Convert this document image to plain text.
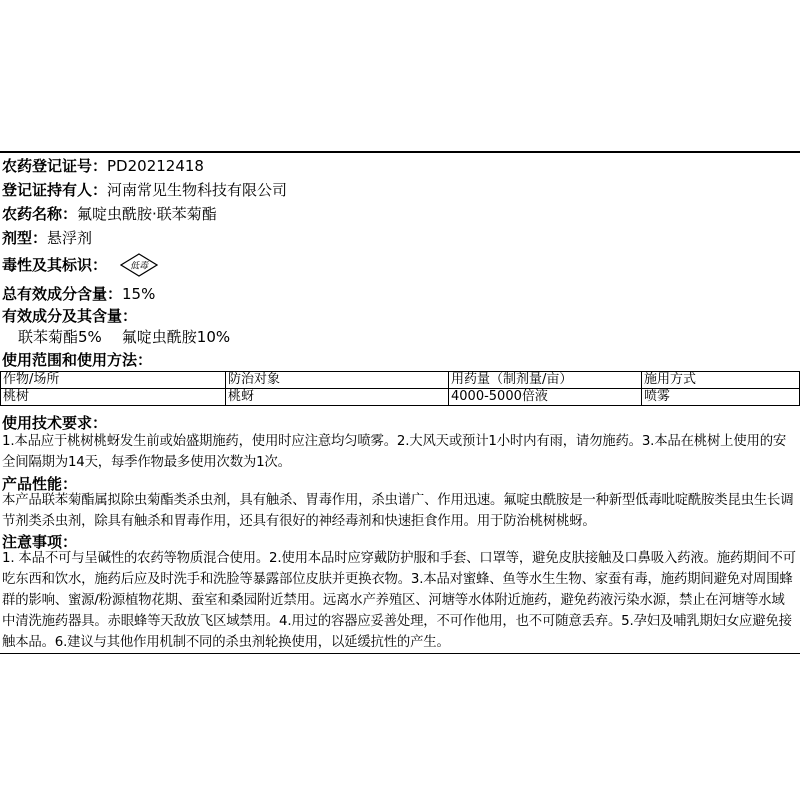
农药登记证号：PD20212418
登记证持有人：河南常见生物科技有限公司
农药名称：氟啶虫酰胺·联苯菊酯
剂型：悬浮剂
毒性及其标识：	低毒
总有效成分含量：15%
有效成分及其含量：
联苯菊酯5% 氟啶虫酰胺10%
使用范围和使用方法：
作物/场所	防治对象	用药量（制剂量/亩）	施用方式
桃树	桃蚜	4000-5000倍液	喷雾
使用技术要求：
1.本品应于桃树桃蚜发生前或始盛期施药，使用时应注意均匀喷雾。2.大风天或预计1小时内有雨，请勿施药。3.本品在桃树上使用的安全间隔期为14天，每季作物最多使用次数为1次。
产品性能：
本产品联苯菊酯属拟除虫菊酯类杀虫剂，具有触杀、胃毒作用，杀虫谱广、作用迅速。氟啶虫酰胺是一种新型低毒吡啶酰胺类昆虫生长调节剂类杀虫剂，除具有触杀和胃毒作用，还具有很好的神经毒剂和快速拒食作用。用于防治桃树桃蚜。
注意事项：
1. 本品不可与呈碱性的农药等物质混合使用。2.使用本品时应穿戴防护服和手套、口罩等，避免皮肤接触及口鼻吸入药液。施药期间不可吃东西和饮水，施药后应及时洗手和洗脸等暴露部位皮肤并更换衣物。3.本品对蜜蜂、鱼等水生生物、家蚕有毒，施药期间避免对周围蜂群的影响、蜜源/粉源植物花期、蚕室和桑园附近禁用。远离水产养殖区、河塘等水体附近施药，避免药液污染水源，禁止在河塘等水域中清洗施药器具。赤眼蜂等天敌放飞区域禁用。4.用过的容器应妥善处理，不可作他用，也不可随意丢弃。5.孕妇及哺乳期妇女应避免接触本品。6.建议与其他作用机制不同的杀虫剂轮换使用，以延缓抗性的产生。
